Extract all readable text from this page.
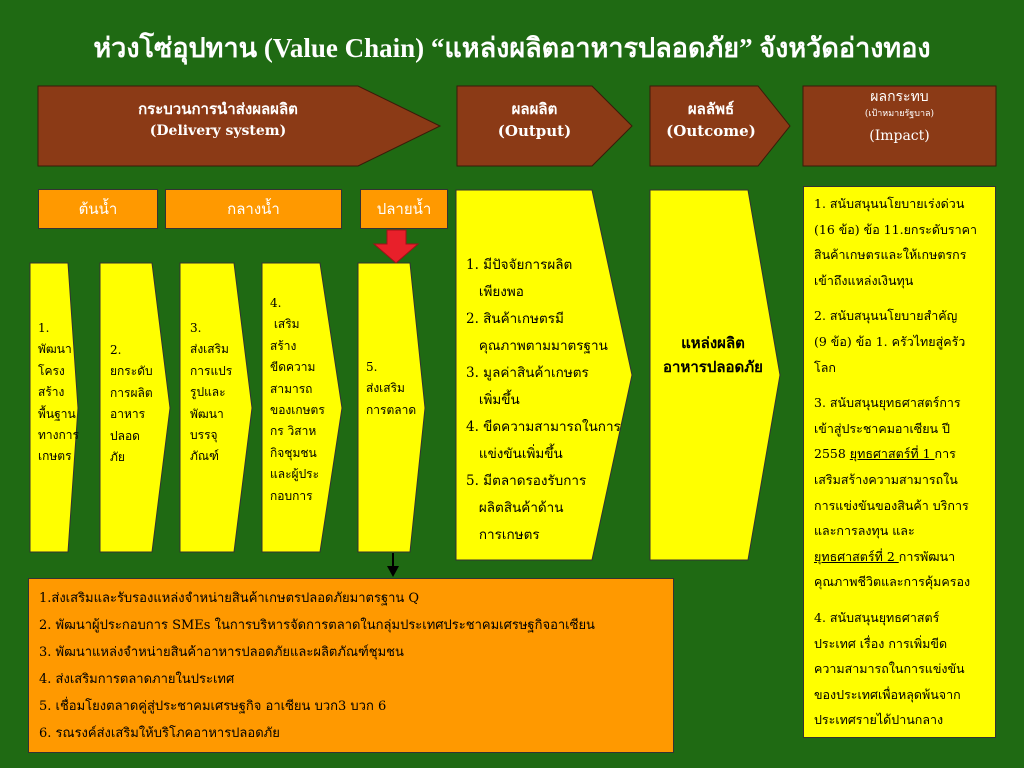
ห่วงโซ่อุปทาน (Value Chain) “แหล่งผลิตอาหารปลอดภัย” จังหวัดอ่างทอง
กระบวนการนำส่งผลผลิต
(Delivery system)
ผลผลิต
(Output)
ผลลัพธ์
(Outcome)
ผลกระทบ
(เป้าหมายรัฐบาล)
(Impact)
ต้นน้ำ	กลางน้ำ	ปลายน้ำ
1.
พัฒนา
โครง
สร้าง
พื้นฐาน
ทางการ
เกษตร
2.
ยกระดับ
การผลิต
อาหาร
ปลอด
ภัย
3.
ส่งเสริม
การแปร
รูปและ
พัฒนา
บรรจุ
ภัณฑ์
4.
เสริม
สร้าง
ขีดความ
สามารถ
ของเกษตร
กร วิสาห
กิจชุมชน
และผู้ประ
กอบการ
5.
ส่งเสริม
การตลาด
1. มีปัจจัยการผลิต
เพียงพอ
2. สินค้าเกษตรมี
คุณภาพตามมาตรฐาน
3. มูลค่าสินค้าเกษตร
เพิ่มขึ้น
4. ขีดความสามารถในการ
แข่งขันเพิ่มขึ้น
5. มีตลาดรองรับการ
ผลิตสินค้าด้าน
การเกษตร
แหล่งผลิต
อาหารปลอดภัย

1. สนับสนุนนโยบายเร่งด่วน
(16 ข้อ) ข้อ 11.ยกระดับราคา
สินค้าเกษตรและให้เกษตรกร
เข้าถึงแหล่งเงินทุน

2. สนับสนุนนโยบายสำคัญ
(9 ข้อ) ข้อ 1. ครัวไทยสู่ครัว
โลก

3. สนับสนุนยุทธศาสตร์การ
เข้าสู่ประชาคมอาเซียน ปี
2558 ยุทธศาสตร์ที่ 1 การ
เสริมสร้างความสามารถใน
การแข่งขันของสินค้า บริการ
และการลงทุน และ
ยุทธศาสตร์ที่ 2 การพัฒนา
คุณภาพชีวิตและการคุ้มครอง

4. สนับสนุนยุทธศาสตร์
ประเทศ เรื่อง การเพิ่มขีด
ความสามารถในการแข่งขัน
ของประเทศเพื่อหลุดพ้นจาก
ประเทศรายได้ปานกลาง

1.ส่งเสริมและรับรองแหล่งจำหน่ายสินค้าเกษตรปลอดภัยมาตรฐาน Q
2. พัฒนาผู้ประกอบการ SMEs ในการบริหารจัดการตลาดในกลุ่มประเทศประชาคมเศรษฐกิจอาเซียน
3. พัฒนาแหล่งจำหน่ายสินค้าอาหารปลอดภัยและผลิตภัณฑ์ชุมชน
4. ส่งเสริมการตลาดภายในประเทศ
5. เชื่อมโยงตลาดคู่สู่ประชาคมเศรษฐกิจ อาเซียน บวก3 บวก 6
6. รณรงค์ส่งเสริมให้บริโภคอาหารปลอดภัย
